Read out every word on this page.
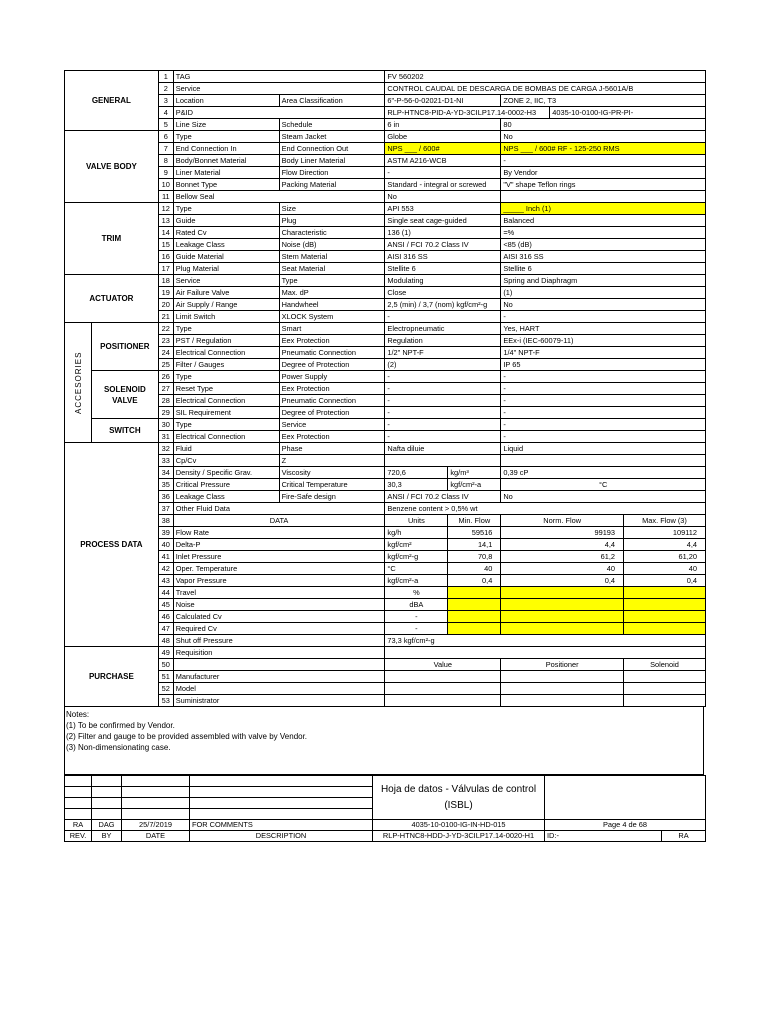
GENERAL		1	TAG		FV 560202				
		2	Service		CONTROL CAUDAL DE DESCARGA DE BOMBAS DE CARGA J-5601A/B				
		3	Location	Area Classification	6"-P-56-0-02021-D1-NI		ZONE 2, IIC, T3		
		4	P&ID		RLP-HTNC8-PID-A-YD-3CILP17.14-0002-H3			4035-10-0100-IG-PR-PI-	
		5	Line Size	Schedule	6 in		80		
VALVE BODY		6	Type	Steam Jacket	Globe		No		
		7	End Connection In	End Connection Out	NPS ___ / 600#		NPS ___ / 600# RF - 125-250 RMS		
		8	Body/Bonnet Material	Body Liner Material	ASTM A216-WCB		-		
		9	Liner Material	Flow Direction	-		By Vendor		
		10	Bonnet Type	Packing Material	Standard - integral or screwed		"V" shape Teflon rings		
		11	Bellow Seal		No				
TRIM		12	Type	Size	API 553		_____ Inch (1)		
		13	Guide	Plug	Single seat cage-guided		Balanced		
		14	Rated Cv	Characteristic	136 (1)		=%		
		15	Leakage Class	Noise (dB)	ANSI / FCI 70.2 Class IV		<85 (dB)		
		16	Guide Material	Stem Material	AISI 316 SS		AISI 316 SS		
		17	Plug Material	Seat Material	Stellite 6		Stellite 6		
ACTUATOR		18	Service	Type	Modulating		Spring and Diaphragm		
		19	Air Failure Valve	Max. dP	Close		(1)		
		20	Air Supply / Range	Handwheel	2,5 (min) / 3,7 (nom) kgf/cm²-g		No		
		21	Limit Switch	XLOCK System	-		-		
ACCESORIES	POSITIONER	22	Type	Smart	Electropneumatic		Yes, HART		
		23	PST / Regulation	Eex Protection	Regulation		EEx-i (IEC-60079-11)		
		24	Electrical Connection	Pneumatic Connection	1/2" NPT-F		1/4" NPT-F		
		25	Filter / Gauges	Degree of Protection	(2)		IP 65		
	SOLENOID VALVE	26	Type	Power Supply	-		-		
		27	Reset Type	Eex Protection	-		-		
		28	Electrical Connection	Pneumatic Connection	-		-		
		29	SIL Requirement	Degree of Protection	-		-		
	SWITCH	30	Type	Service	-		-		
		31	Electrical Connection	Eex Protection	-		-		
PROCESS DATA		32	Fluid	Phase	Nafta diluie		Liquid		
		33	Cp/Cv	Z					
		34	Density / Specific Grav.	Viscosity	720,6	kg/m³	0,39 cP		
		35	Critical Pressure	Critical Temperature	30,3	kgf/cm²-a	°C		
		36	Leakage Class	Fire-Safe design	ANSI / FCI 70.2 Class IV		No		
		37	Other Fluid Data		Benzene content > 0,5% wt				
		38	DATA		Units	Min. Flow	Norm. Flow		Max. Flow (3)
		39	Flow Rate		kg/h	59516	99193		109112
		40	Delta-P		kgf/cm²	14,1	4,4		4,4
		41	Inlet Pressure		kgf/cm²-g	70,8	61,2		61,20
		42	Oper. Temperature		°C	40	40		40
		43	Vapor Pressure		kgf/cm²-a	0,4	0,4		0,4
		44	Travel		%				
		45	Noise		dBA				
		46	Calculated Cv		-				
		47	Required Cv		-				
		48	Shut off Pressure		73,3 kgf/cm²-g				
PURCHASE		49	Requisition						
		50			Value		Positioner		Solenoid
		51	Manufacturer						
		52	Model						
		53	Suministrator						
Notes:
(1) To be confirmed by Vendor.
(2) Filter and gauge to be provided assembled with valve by Vendor.
(3) Non-dimensionating case.
				Hoja de datos - Válvulas de control (ISBL)		

RA	DAG	25/7/2019	FOR COMMENTS	4035-10-0100-IG-IN-HD-015	Page 4 de 68	
REV.	BY	DATE	DESCRIPTION	RLP-HTNC8-HDD-J-YD-3CILP17.14-0020-H1	ID:-	RA
